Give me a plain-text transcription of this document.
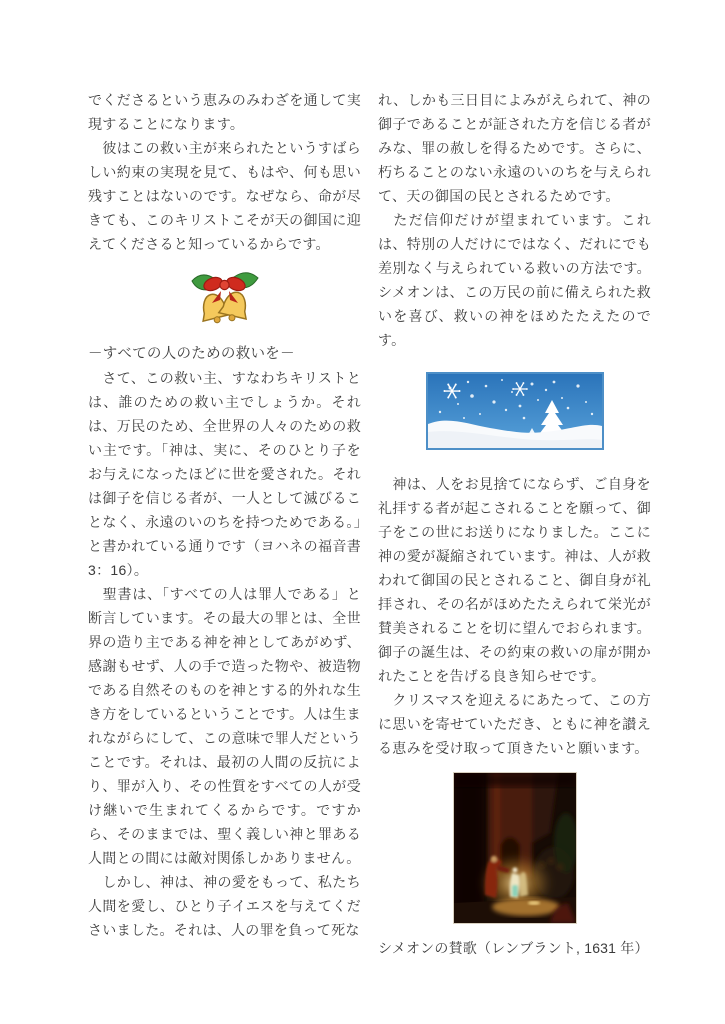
でくださるという恵みのみわざを通して実現することになります。

　彼はこの救い主が来られたというすばらしい約束の実現を見て、もはや、何も思い残すことはないのです。なぜなら、命が尽きても、このキリストこそが天の御国に迎えてくださると知っているからです。

－すべての人のための救いを－

　さて、この救い主、すなわちキリストとは、誰のための救い主でしょうか。それは、万民のため、全世界の人々のための救い主です。「神は、実に、そのひとり子をお与えになったほどに世を愛された。それは御子を信じる者が、一人として滅びることなく、永遠のいのちを持つためである。」と書かれている通りです（ヨハネの福音書3：16）。

　聖書は、「すべての人は罪人である」と断言しています。その最大の罪とは、全世界の造り主である神を神としてあがめず、感謝もせず、人の手で造った物や、被造物である自然そのものを神とする的外れな生き方をしているということです。人は生まれながらにして、この意味で罪人だということです。それは、最初の人間の反抗により、罪が入り、その性質をすべての人が受け継いで生まれてくるからです。ですから、そのままでは、聖く義しい神と罪ある人間との間には敵対関係しかありません。

　しかし、神は、神の愛をもって、私たち人間を愛し、ひとり子イエスを与えてくださいました。それは、人の罪を負って死な

れ、しかも三日目によみがえられて、神の御子であることが証された方を信じる者がみな、罪の赦しを得るためです。さらに、朽ちることのない永遠のいのちを与えられて、天の御国の民とされるためです。

　ただ信仰だけが望まれています。これは、特別の人だけにではなく、だれにでも差別なく与えられている救いの方法です。シメオンは、この万民の前に備えられた救いを喜び、救いの神をほめたたえたのです。

　神は、人をお見捨てにならず、ご自身を礼拝する者が起こされることを願って、御子をこの世にお送りになりました。ここに神の愛が凝縮されています。神は、人が救われて御国の民とされること、御自身が礼拝され、その名がほめたたえられて栄光が賛美されることを切に望んでおられます。御子の誕生は、その約束の救いの扉が開かれたことを告げる良き知らせです。

　クリスマスを迎えるにあたって、この方に思いを寄せていただき、ともに神を讃える恵みを受け取って頂きたいと願います。

シメオンの賛歌（レンブラント, 1631 年）
